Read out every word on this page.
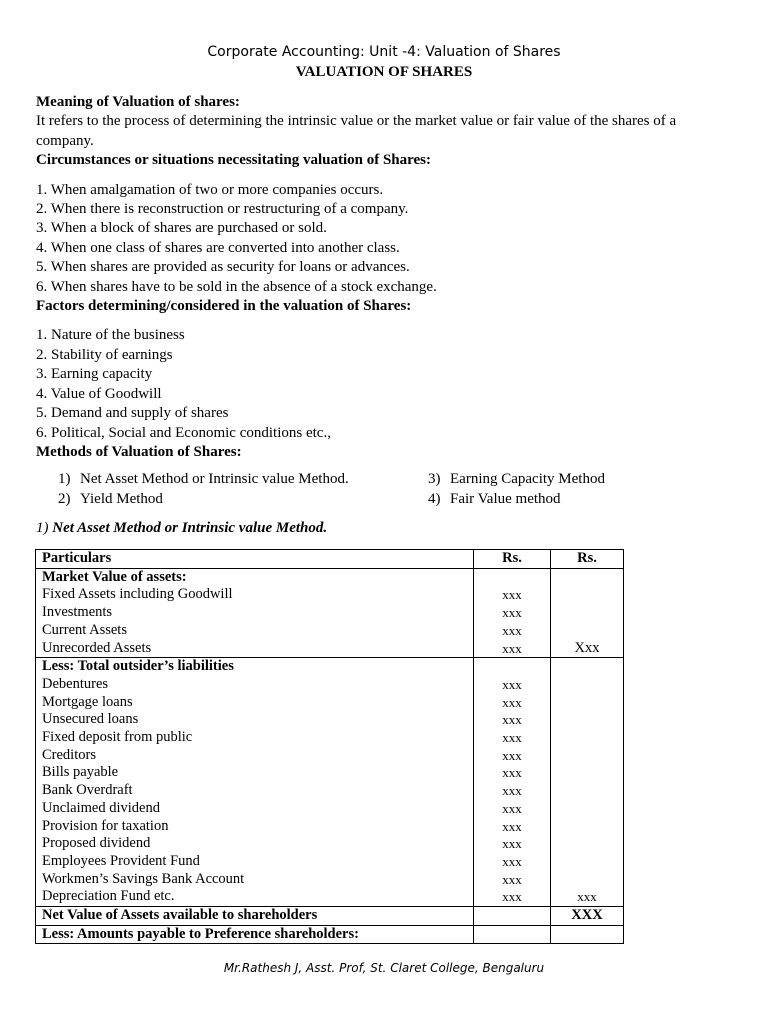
Corporate Accounting: Unit -4: Valuation of Shares
VALUATION OF SHARES
Meaning of Valuation of shares:
It refers to the process of determining the intrinsic value or the market value or fair value of the shares of a
company.
Circumstances or situations necessitating valuation of Shares:
1. When amalgamation of two or more companies occurs.
2. When there is reconstruction or restructuring of a company.
3. When a block of shares are purchased or sold.
4. When one class of shares are converted into another class.
5. When shares are provided as security for loans or advances.
6. When shares have to be sold in the absence of a stock exchange.
Factors determining/considered in the valuation of Shares:
1. Nature of the business
2. Stability of earnings
3. Earning capacity
4. Value of Goodwill
5. Demand and supply of shares
6. Political, Social and Economic conditions etc.,
Methods of Valuation of Shares:
1) Net Asset Method or Intrinsic value Method.
2) Yield Method
3) Earning Capacity Method
4) Fair Value method
1) Net Asset Method or Intrinsic value Method.
Particulars	Rs.	Rs.
Market Value of assets:		
Fixed Assets including Goodwill	xxx	
Investments	xxx	
Current Assets	xxx	
Unrecorded Assets	xxx	Xxx
Less: Total outsider’s liabilities		
Debentures	xxx	
Mortgage loans	xxx	
Unsecured loans	xxx	
Fixed deposit from public	xxx	
Creditors	xxx	
Bills payable	xxx	
Bank Overdraft	xxx	
Unclaimed dividend	xxx	
Provision for taxation	xxx	
Proposed dividend	xxx	
Employees Provident Fund	xxx	
Workmen’s Savings Bank Account	xxx	
Depreciation Fund etc.	xxx	xxx
Net Value of Assets available to shareholders		XXX
Less: Amounts payable to Preference shareholders:		
Mr.Rathesh J, Asst. Prof, St. Claret College, Bengaluru
